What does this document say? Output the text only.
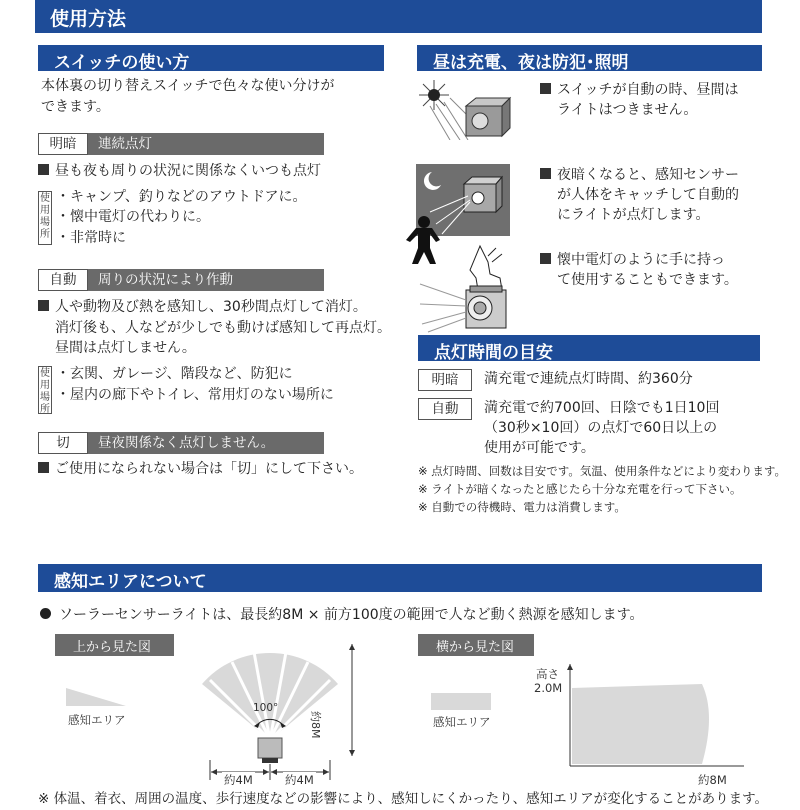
使用方法
スイッチの使い方
本体裏の切り替えスイッチで色々な使い分けが
できます。
明暗	連続点灯
昼も夜も周りの状況に関係なくいつも点灯
使用場所
・キャンプ、釣りなどのアウトドアに。
・懐中電灯の代わりに。
・非常時に
自動	周りの状況により作動
人や動物及び熱を感知し、30秒間点灯して消灯。
消灯後も、人などが少しでも動けば感知して再点灯。
昼間は点灯しません。
使用場所
・玄関、ガレージ、階段など、防犯に
・屋内の廊下やトイレ、常用灯のない場所に
切	昼夜関係なく点灯しません。
ご使用になられない場合は「切」にして下さい。
昼は充電、夜は防犯･照明
スイッチが自動の時、昼間は
ライトはつきません。
夜暗くなると、感知センサー
が人体をキャッチして自動的
にライトが点灯します。
懐中電灯のように手に持っ
て使用することもできます。
点灯時間の目安
明暗	満充電で連続点灯時間、約360分
自動	満充電で約700回、日陰でも1日10回
（30秒×10回）の点灯で60日以上の
使用が可能です。
※ 点灯時間、回数は目安です。気温、使用条件などにより変わります。
※ ライトが暗くなったと感じたら十分な充電を行って下さい。
※ 自動での待機時、電力は消費します。
感知エリアについて
ソーラーセンサーライトは、最長約8M × 前方100度の範囲で人など動く熱源を感知します。
上から見た図
感知エリア
100°
約8M
約4M	約4M
横から見た図
感知エリア
高さ
2.0M
約8M
※ 体温、着衣、周囲の温度、歩行速度などの影響により、感知しにくかったり、感知エリアが変化することがあります。
